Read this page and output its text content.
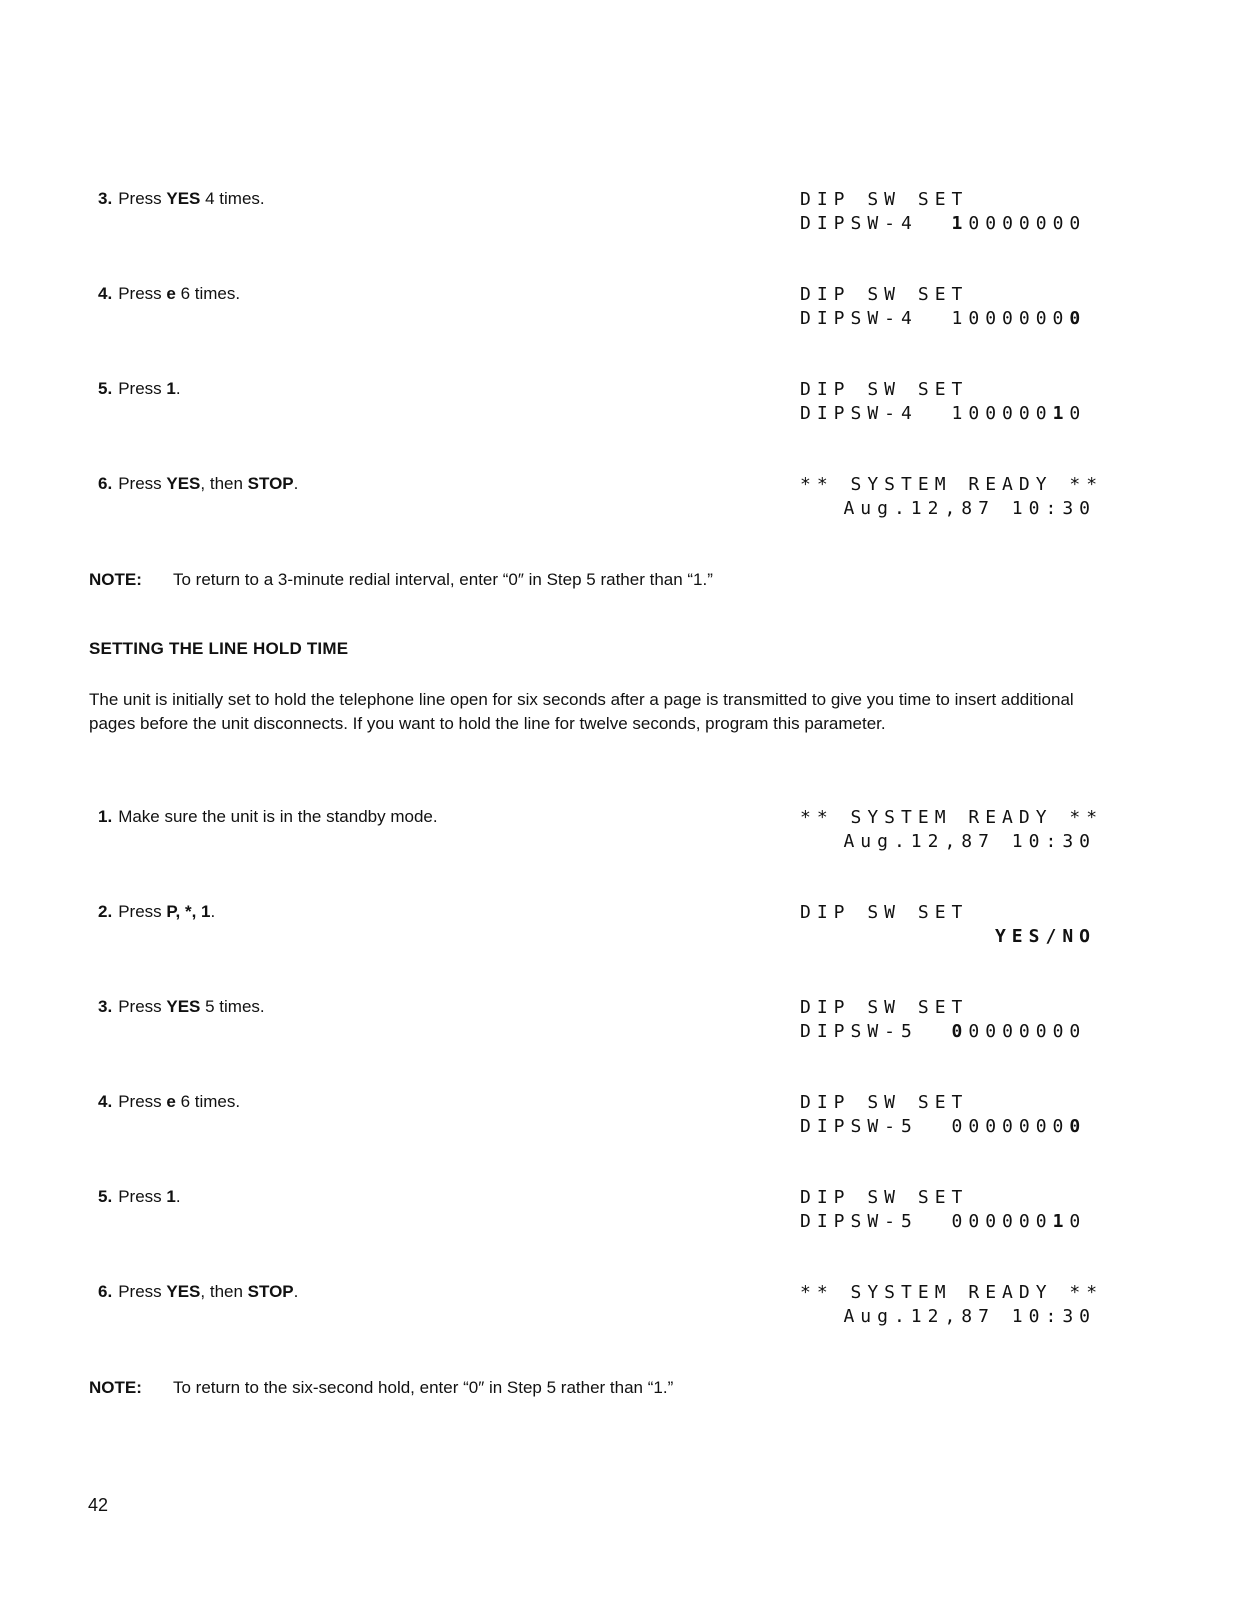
3. Press YES 4 times.	DIP SW SET
DIPSW-4  10000000
4. Press e 6 times.	DIP SW SET
DIPSW-4  10000000
5. Press 1.	DIP SW SET
DIPSW-4  10000010
6. Press YES, then STOP.	** SYSTEM READY **
Aug.12,87 10:30
NOTE: To return to a 3-minute redial interval, enter “0″ in Step 5 rather than “1.”
SETTING THE LINE HOLD TIME
The unit is initially set to hold the telephone line open for six seconds after a page is transmitted to give you time to insert additional pages before the unit disconnects. If you want to hold the line for twelve seconds, program this parameter.
1. Make sure the unit is in the standby mode.	** SYSTEM READY **
Aug.12,87 10:30
2. Press P, *, 1.	DIP SW SET
YES/NO
3. Press YES 5 times.	DIP SW SET
DIPSW-5  00000000
4. Press e 6 times.	DIP SW SET
DIPSW-5  00000000
5. Press 1.	DIP SW SET
DIPSW-5  00000010
6. Press YES, then STOP.	** SYSTEM READY **
Aug.12,87 10:30
NOTE: To return to the six-second hold, enter “0″ in Step 5 rather than “1.”
42
